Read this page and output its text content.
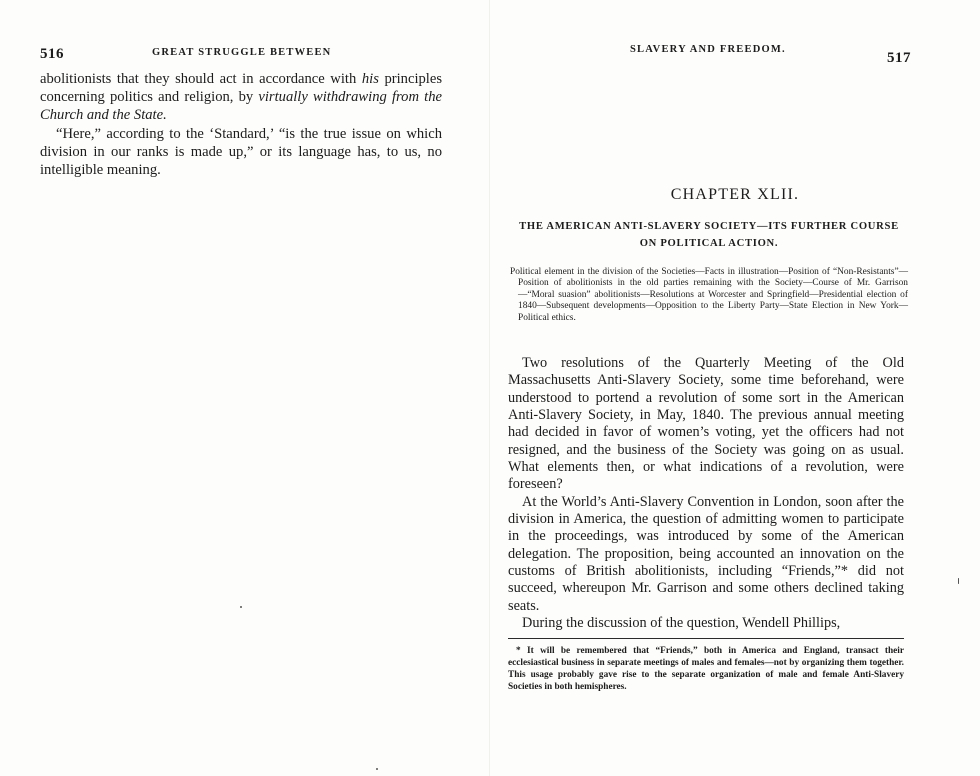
516	GREAT STRUGGLE BETWEEN

abolitionists that they should act in accordance with his principles concerning politics and religion, by virtually withdrawing from the Church and the State.

“Here,” according to the ‘Standard,’ “is the true issue on which division in our ranks is made up,” or its language has, to us, no intelligible meaning.

SLAVERY AND FREEDOM.
517
CHAPTER XLII.
THE AMERICAN ANTI-SLAVERY SOCIETY—ITS FURTHER COURSE ON POLITICAL ACTION.
Political element in the division of the Societies—Facts in illustration—Position of “Non-Resistants”—Position of abolitionists in the old parties remaining with the Society—Course of Mr. Garrison—“Moral suasion” abolitionists—Resolutions at Worcester and Springfield—Presidential election of 1840—Subsequent developments—Opposition to the Liberty Party—State Election in New York—Political ethics.

Two resolutions of the Quarterly Meeting of the Old Massachusetts Anti-Slavery Society, some time beforehand, were understood to portend a revolution of some sort in the American Anti-Slavery Society, in May, 1840. The previous annual meeting had decided in favor of women’s voting, yet the officers had not resigned, and the business of the Society was going on as usual. What elements then, or what indications of a revolution, were foreseen?

At the World’s Anti-Slavery Convention in London, soon after the division in America, the question of admitting women to participate in the proceedings, was introduced by some of the American delegation. The proposition, being accounted an innovation on the customs of British abolitionists, including “Friends,”* did not succeed, whereupon Mr. Garrison and some others declined taking seats.

During the discussion of the question, Wendell Phillips,

* It will be remembered that “Friends,” both in America and England, transact their ecclesiastical business in separate meetings of males and females—not by organizing them together. This usage probably gave rise to the separate organization of male and female Anti-Slavery Societies in both hemispheres.
